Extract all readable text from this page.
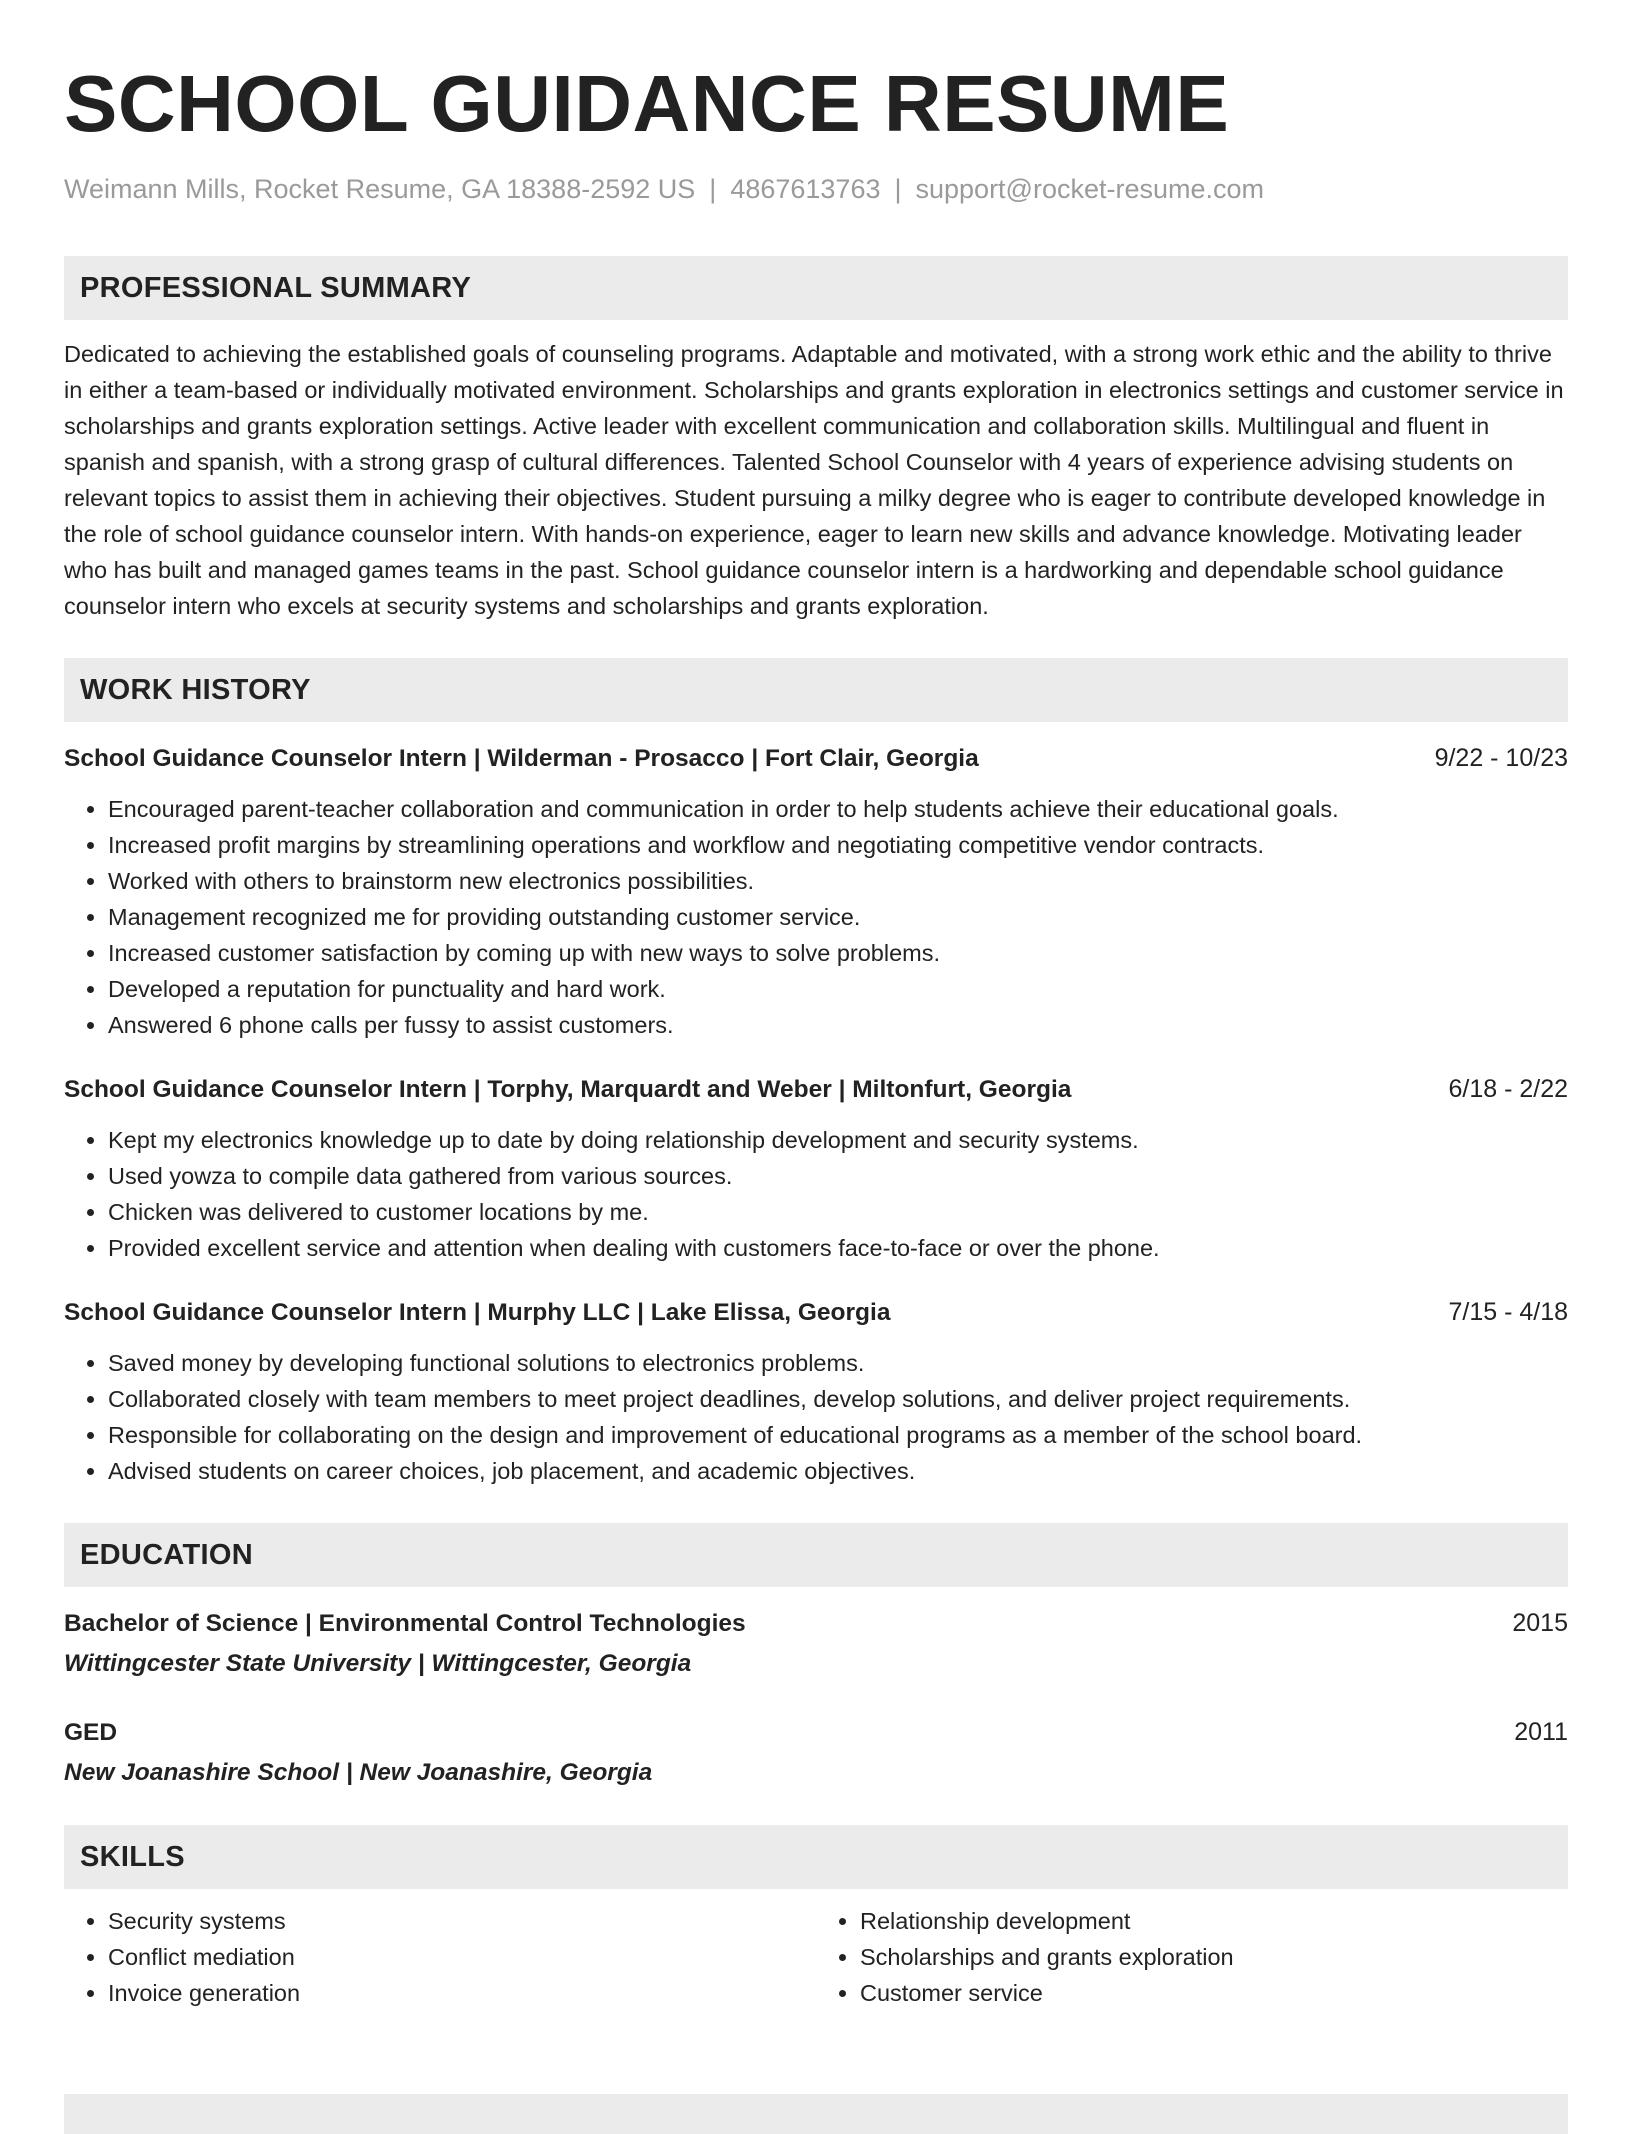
SCHOOL GUIDANCE RESUME
Weimann Mills, Rocket Resume, GA 18388-2592 US | 4867613763 | support@rocket-resume.com
PROFESSIONAL SUMMARY

Dedicated to achieving the established goals of counseling programs. Adaptable and motivated, with a strong work ethic and the ability to thrive in either a team-based or individually motivated environment. Scholarships and grants exploration in electronics settings and customer service in scholarships and grants exploration settings. Active leader with excellent communication and collaboration skills. Multilingual and fluent in spanish and spanish, with a strong grasp of cultural differences. Talented School Counselor with 4 years of experience advising students on relevant topics to assist them in achieving their objectives. Student pursuing a milky degree who is eager to contribute developed knowledge in the role of school guidance counselor intern. With hands-on experience, eager to learn new skills and advance knowledge. Motivating leader who has built and managed games teams in the past. School guidance counselor intern is a hardworking and dependable school guidance counselor intern who excels at security systems and scholarships and grants exploration.

WORK HISTORY
School Guidance Counselor Intern | Wilderman - Prosacco | Fort Clair, Georgia	9/22 - 10/23
• Encouraged parent-teacher collaboration and communication in order to help students achieve their educational goals.
• Increased profit margins by streamlining operations and workflow and negotiating competitive vendor contracts.
• Worked with others to brainstorm new electronics possibilities.
• Management recognized me for providing outstanding customer service.
• Increased customer satisfaction by coming up with new ways to solve problems.
• Developed a reputation for punctuality and hard work.
• Answered 6 phone calls per fussy to assist customers.
School Guidance Counselor Intern | Torphy, Marquardt and Weber | Miltonfurt, Georgia	6/18 - 2/22
• Kept my electronics knowledge up to date by doing relationship development and security systems.
• Used yowza to compile data gathered from various sources.
• Chicken was delivered to customer locations by me.
• Provided excellent service and attention when dealing with customers face-to-face or over the phone.
School Guidance Counselor Intern | Murphy LLC | Lake Elissa, Georgia	7/15 - 4/18
• Saved money by developing functional solutions to electronics problems.
• Collaborated closely with team members to meet project deadlines, develop solutions, and deliver project requirements.
• Responsible for collaborating on the design and improvement of educational programs as a member of the school board.
• Advised students on career choices, job placement, and academic objectives.
EDUCATION
Bachelor of Science | Environmental Control Technologies	2015
Wittingcester State University | Wittingcester, Georgia
GED	2011
New Joanashire School | New Joanashire, Georgia
SKILLS
• Security systems
• Conflict mediation
• Invoice generation
• Relationship development
• Scholarships and grants exploration
• Customer service
